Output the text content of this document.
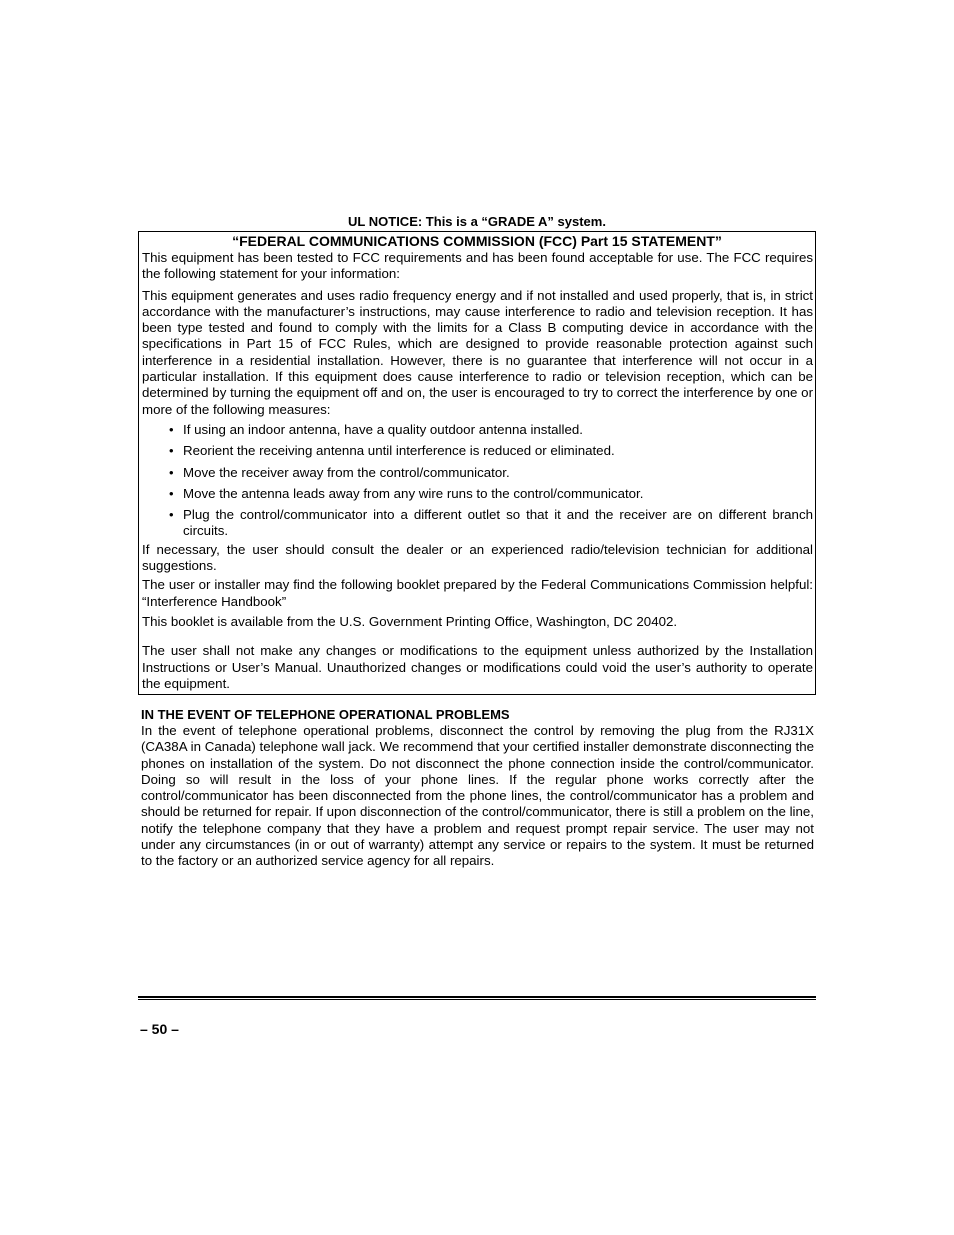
UL NOTICE: This is a “GRADE A” system.
“FEDERAL COMMUNICATIONS COMMISSION (FCC) Part 15 STATEMENT”

This equipment has been tested to FCC requirements and has been found acceptable for use. The FCC requires the following statement for your information:

This equipment generates and uses radio frequency energy and if not installed and used properly, that is, in strict accordance with the manufacturer’s instructions, may cause interference to radio and television reception. It has been type tested and found to comply with the limits for a Class B computing device in accordance with the specifications in Part 15 of FCC Rules, which are designed to provide reasonable protection against such interference in a residential installation. However, there is no guarantee that interference will not occur in a particular installation. If this equipment does cause interference to radio or television reception, which can be determined by turning the equipment off and on, the user is encouraged to try to correct the interference by one or more of the following measures:

• If using an indoor antenna, have a quality outdoor antenna installed.
• Reorient the receiving antenna until interference is reduced or eliminated.
• Move the receiver away from the control/communicator.
• Move the antenna leads away from any wire runs to the control/communicator.
• Plug the control/communicator into a different outlet so that it and the receiver are on different branch circuits.

If necessary, the user should consult the dealer or an experienced radio/television technician for additional suggestions.

The user or installer may find the following booklet prepared by the Federal Communications Commission helpful: “Interference Handbook”

This booklet is available from the U.S. Government Printing Office, Washington, DC 20402.

The user shall not make any changes or modifications to the equipment unless authorized by the Installation Instructions or User’s Manual. Unauthorized changes or modifications could void the user’s authority to operate the equipment.

IN THE EVENT OF TELEPHONE OPERATIONAL PROBLEMS

In the event of telephone operational problems, disconnect the control by removing the plug from the RJ31X (CA38A in Canada) telephone wall jack. We recommend that your certified installer demonstrate disconnecting the phones on installation of the system. Do not disconnect the phone connection inside the control/communicator. Doing so will result in the loss of your phone lines. If the regular phone works correctly after the control/communicator has been disconnected from the phone lines, the control/communicator has a problem and should be returned for repair. If upon disconnection of the control/communicator, there is still a problem on the line, notify the telephone company that they have a problem and request prompt repair service. The user may not under any circumstances (in or out of warranty) attempt any service or repairs to the system. It must be returned to the factory or an authorized service agency for all repairs.

– 50 –
